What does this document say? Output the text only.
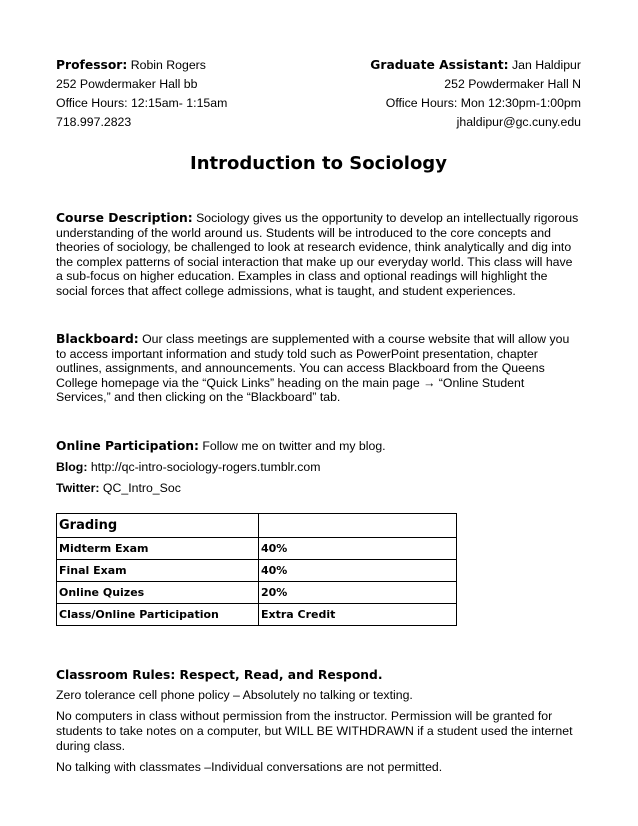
Professor: Robin Rogers
252 Powdermaker Hall bb
Office Hours: 12:15am- 1:15am
718.997.2823
Graduate Assistant: Jan Haldipur
252 Powdermaker Hall N
Office Hours: Mon 12:30pm-1:00pm
jhaldipur@gc.cuny.edu
Introduction to Sociology
Course Description: Sociology gives us the opportunity to develop an intellectually rigorous understanding of the world around us. Students will be introduced to the core concepts and theories of sociology, be challenged to look at research evidence, think analytically and dig into the complex patterns of social interaction that make up our everyday world. This class will have a sub-focus on higher education. Examples in class and optional readings will highlight the social forces that affect college admissions, what is taught, and student experiences.
Blackboard: Our class meetings are supplemented with a course website that will allow you to access important information and study told such as PowerPoint presentation, chapter outlines, assignments, and announcements. You can access Blackboard from the Queens College homepage via the “Quick Links” heading on the main page → “Online Student Services,” and then clicking on the “Blackboard” tab.
Online Participation: Follow me on twitter and my blog.
Blog: http://qc-intro-sociology-rogers.tumblr.com
Twitter: QC_Intro_Soc
Grading	
Midterm Exam	40%
Final Exam	40%
Online Quizes	20%
Class/Online Participation	Extra Credit
Classroom Rules: Respect, Read, and Respond.
Zero tolerance cell phone policy – Absolutely no talking or texting.
No computers in class without permission from the instructor. Permission will be granted for students to take notes on a computer, but WILL BE WITHDRAWN if a student used the internet during class.
No talking with classmates –Individual conversations are not permitted.
